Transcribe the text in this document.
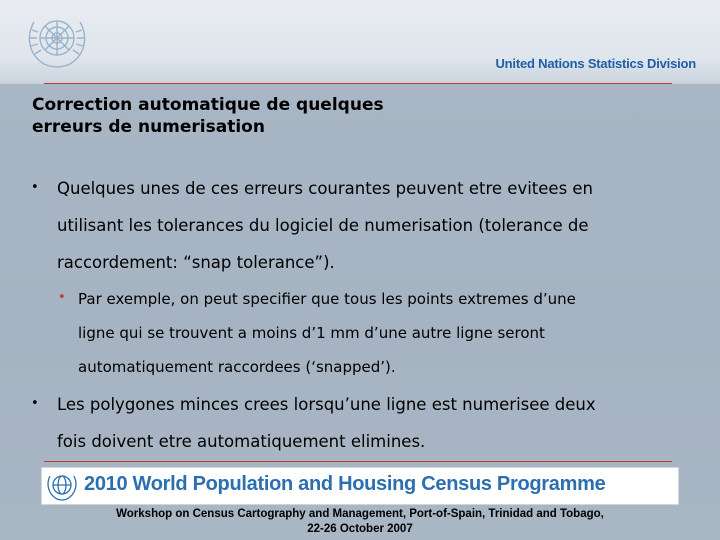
United Nations Statistics Division
Correction automatique de quelques
erreurs de numerisation
• Quelques unes de ces erreurs courantes peuvent etre evitees en
utilisant les tolerances du logiciel de numerisation (tolerance de
raccordement: “snap tolerance”).
• Par exemple, on peut specifier que tous les points extremes d’une
ligne qui se trouvent a moins d’1 mm d’une autre ligne seront
automatiquement raccordees (‘snapped’).
• Les polygones minces crees lorsqu’une ligne est numerisee deux
fois doivent etre automatiquement elimines.
2010 World Population and Housing Census Programme
Workshop on Census Cartography and Management, Port-of-Spain, Trinidad and Tobago,
22-26 October 2007
